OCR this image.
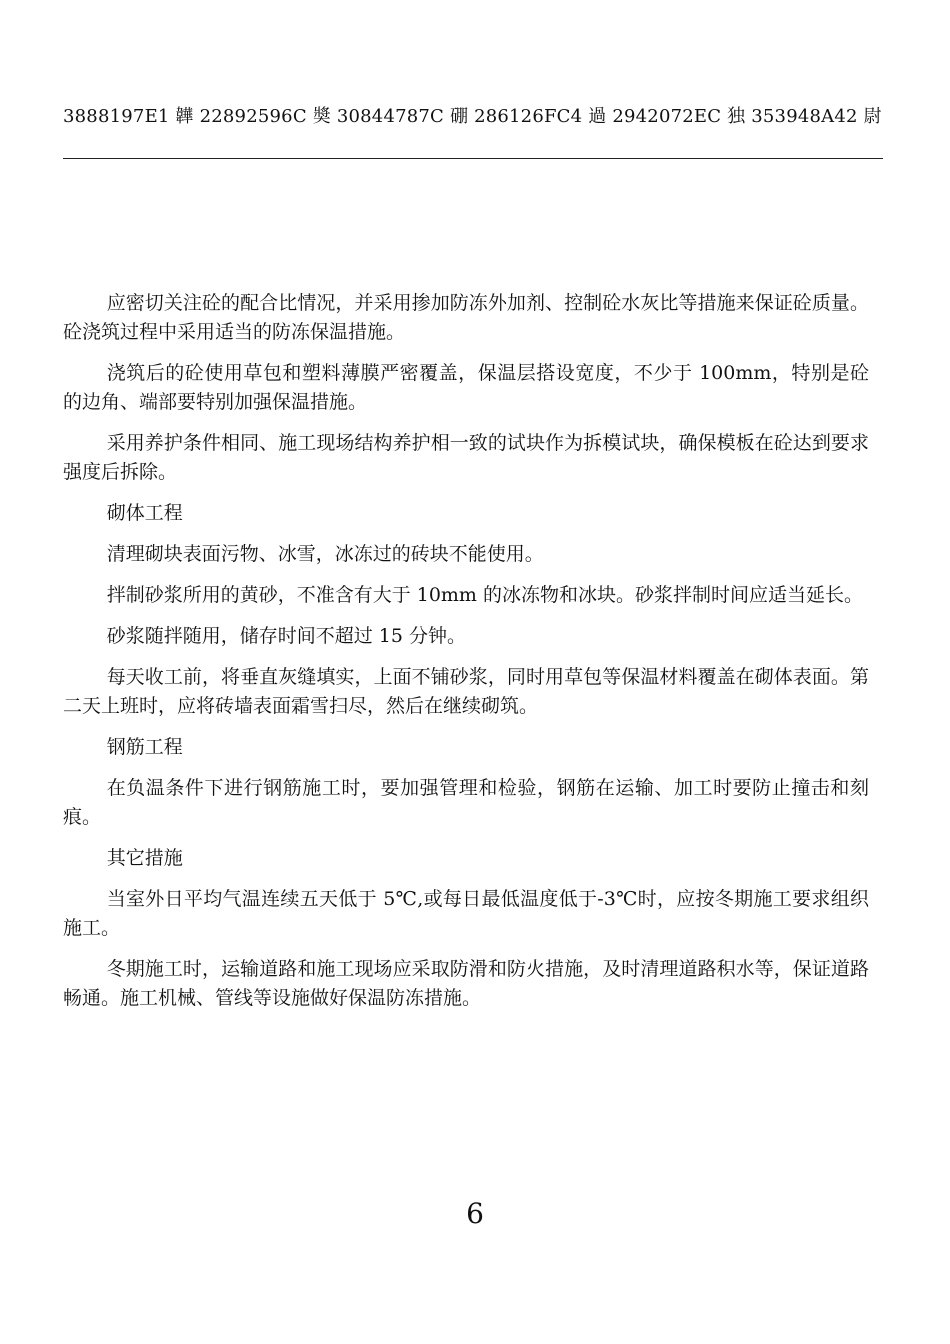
3888197E1 韡 22892596C 奬 30844787C 硼 286126FC4 過 2942072EC 独 353948A42 尉

应密切关注砼的配合比情况，并采用掺加防冻外加剂、控制砼水灰比等措施来保证砼质量。砼浇筑过程中采用适当的防冻保温措施。

浇筑后的砼使用草包和塑料薄膜严密覆盖，保温层搭设宽度，不少于 100mm，特别是砼的边角、端部要特别加强保温措施。

采用养护条件相同、施工现场结构养护相一致的试块作为拆模试块，确保模板在砼达到要求强度后拆除。

砌体工程

清理砌块表面污物、冰雪，冰冻过的砖块不能使用。

拌制砂浆所用的黄砂，不准含有大于 10mm 的冰冻物和冰块。砂浆拌制时间应适当延长。

砂浆随拌随用，储存时间不超过 15 分钟。

每天收工前，将垂直灰缝填实，上面不铺砂浆，同时用草包等保温材料覆盖在砌体表面。第二天上班时，应将砖墙表面霜雪扫尽，然后在继续砌筑。

钢筋工程

在负温条件下进行钢筋施工时，要加强管理和检验，钢筋在运输、加工时要防止撞击和刻痕。

其它措施

当室外日平均气温连续五天低于 5℃,或每日最低温度低于-3℃时，应按冬期施工要求组织施工。

冬期施工时，运输道路和施工现场应采取防滑和防火措施，及时清理道路积水等，保证道路畅通。施工机械、管线等设施做好保温防冻措施。

6
